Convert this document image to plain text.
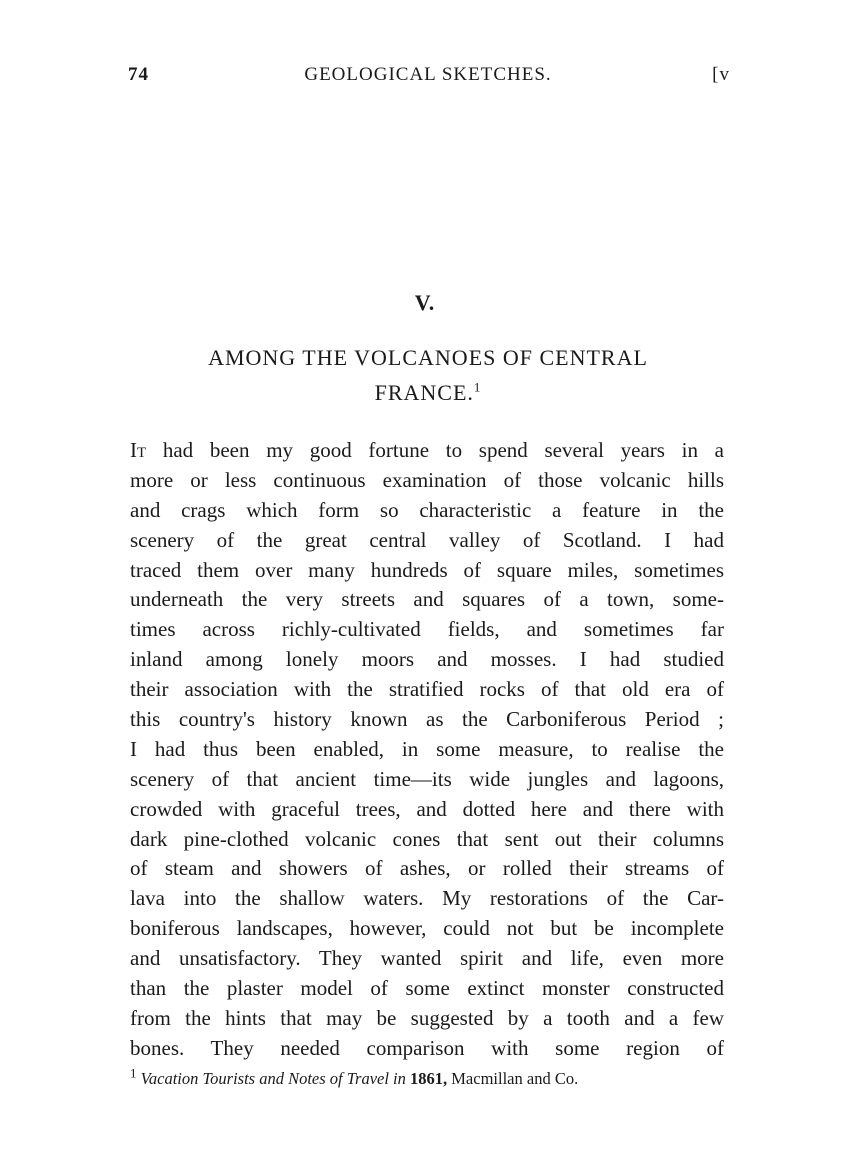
74	GEOLOGICAL SKETCHES.	[v
V.
AMONG THE VOLCANOES OF CENTRAL
FRANCE.$^1$
It had been my good fortune to spend several years in a
more or less continuous examination of those volcanic hills
and crags which form so characteristic a feature in the
scenery of the great central valley of Scotland. I had
traced them over many hundreds of square miles, sometimes
underneath the very streets and squares of a town, some-
times across richly-cultivated fields, and sometimes far
inland among lonely moors and mosses. I had studied
their association with the stratified rocks of that old era of
this country's history known as the Carboniferous Period ;
I had thus been enabled, in some measure, to realise the
scenery of that ancient time—its wide jungles and lagoons,
crowded with graceful trees, and dotted here and there with
dark pine-clothed volcanic cones that sent out their columns
of steam and showers of ashes, or rolled their streams of
lava into the shallow waters. My restorations of the Car-
boniferous landscapes, however, could not but be incomplete
and unsatisfactory. They wanted spirit and life, even more
than the plaster model of some extinct monster constructed
from the hints that may be suggested by a tooth and a few
bones. They needed comparison with some region of
$^1$ Vacation Tourists and Notes of Travel in 1861, Macmillan and Co.
